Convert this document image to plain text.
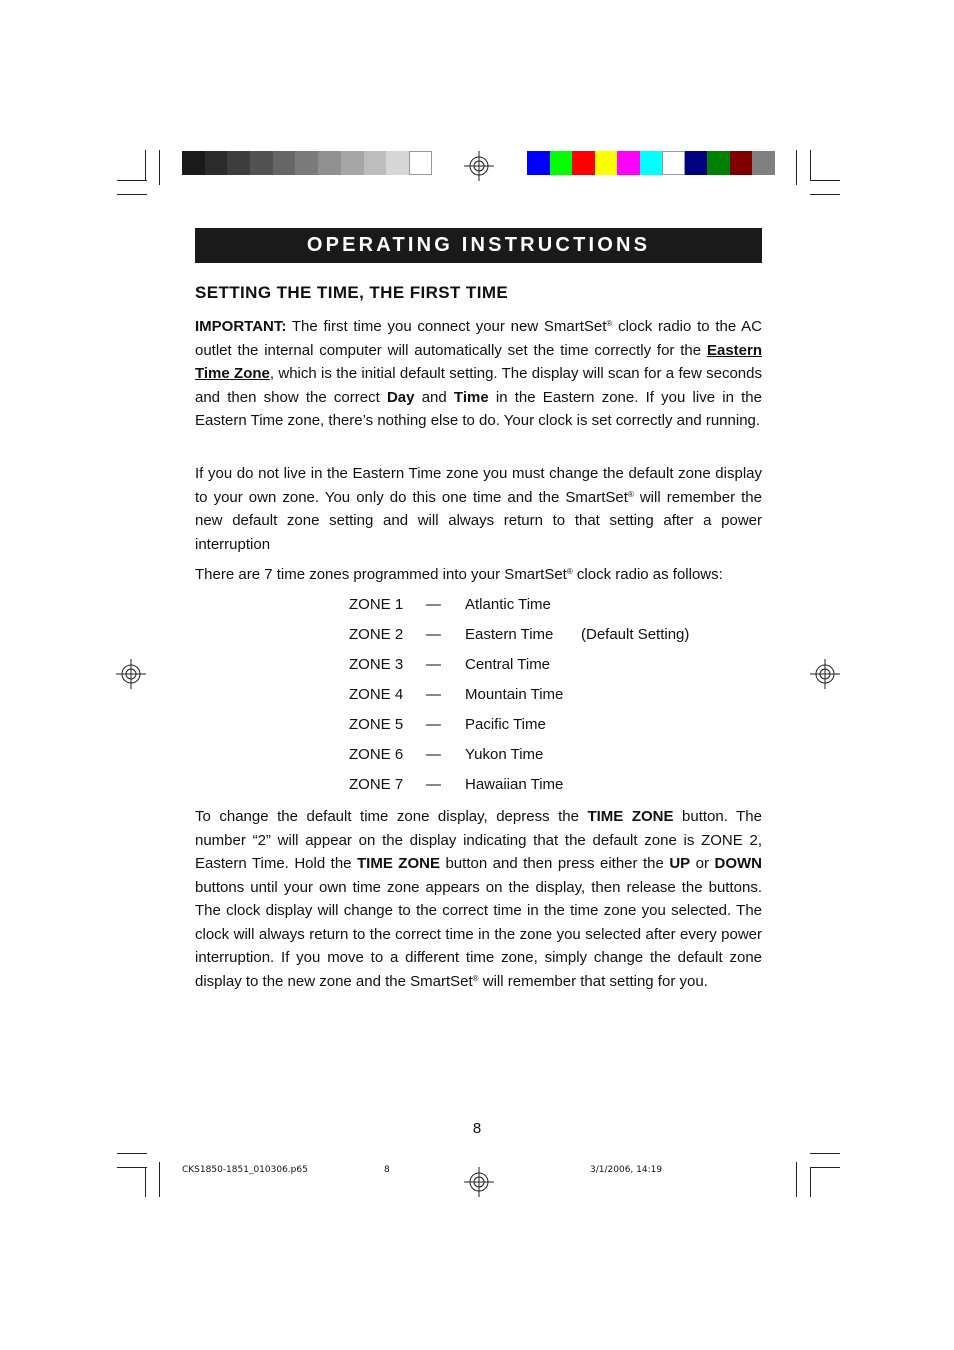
OPERATING INSTRUCTIONS
SETTING THE TIME, THE FIRST TIME
IMPORTANT: The first time you connect your new SmartSet® clock radio to the AC outlet the internal computer will automatically set the time correctly for the Eastern Time Zone, which is the initial default setting. The display will scan for a few seconds and then show the correct Day and Time in the Eastern zone. If you live in the Eastern Time zone, there’s nothing else to do. Your clock is set correctly and running.
If you do not live in the Eastern Time zone you must change the default zone display to your own zone. You only do this one time and the SmartSet® will remember the new default zone setting and will always return to that setting after a power interruption
There are 7 time zones programmed into your SmartSet® clock radio as follows:
ZONE 1 — Atlantic Time
ZONE 2 — Eastern Time (Default Setting)
ZONE 3 — Central Time
ZONE 4 — Mountain Time
ZONE 5 — Pacific Time
ZONE 6 — Yukon Time
ZONE 7 — Hawaiian Time
To change the default time zone display, depress the TIME ZONE button. The number “2” will appear on the display indicating that the default zone is ZONE 2, Eastern Time. Hold the TIME ZONE button and then press either the UP or DOWN buttons until your own time zone appears on the display, then release the buttons. The clock display will change to the correct time in the time zone you selected. The clock will always return to the correct time in the zone you selected after every power interruption. If you move to a different time zone, simply change the default zone display to the new zone and the SmartSet® will remember that setting for you.
8
CKS1850-1851_010306.p65	8	3/1/2006, 14:19
